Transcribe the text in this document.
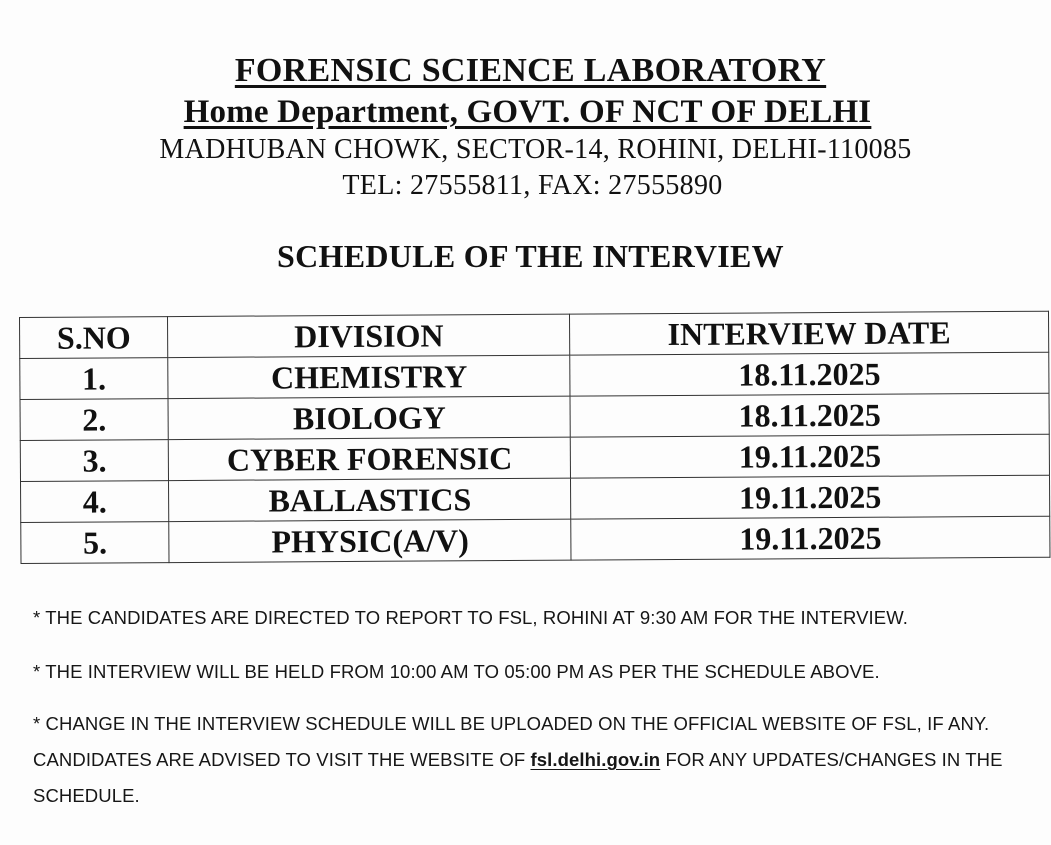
FORENSIC SCIENCE LABORATORY
Home Department, GOVT. OF NCT OF DELHI
MADHUBAN CHOWK, SECTOR-14, ROHINI, DELHI-110085
TEL: 27555811, FAX: 27555890
SCHEDULE OF THE INTERVIEW
S.NO	DIVISION	INTERVIEW DATE
1.	CHEMISTRY	18.11.2025
2.	BIOLOGY	18.11.2025
3.	CYBER FORENSIC	19.11.2025
4.	BALLASTICS	19.11.2025
5.	PHYSIC(A/V)	19.11.2025
* THE CANDIDATES ARE DIRECTED TO REPORT TO FSL, ROHINI AT 9:30 AM FOR THE INTERVIEW.
* THE INTERVIEW WILL BE HELD FROM 10:00 AM TO 05:00 PM AS PER THE SCHEDULE ABOVE.
* CHANGE IN THE INTERVIEW SCHEDULE WILL BE UPLOADED ON THE OFFICIAL WEBSITE OF FSL, IF ANY. CANDIDATES ARE ADVISED TO VISIT THE WEBSITE OF fsl.delhi.gov.in FOR ANY UPDATES/CHANGES IN THE SCHEDULE.
